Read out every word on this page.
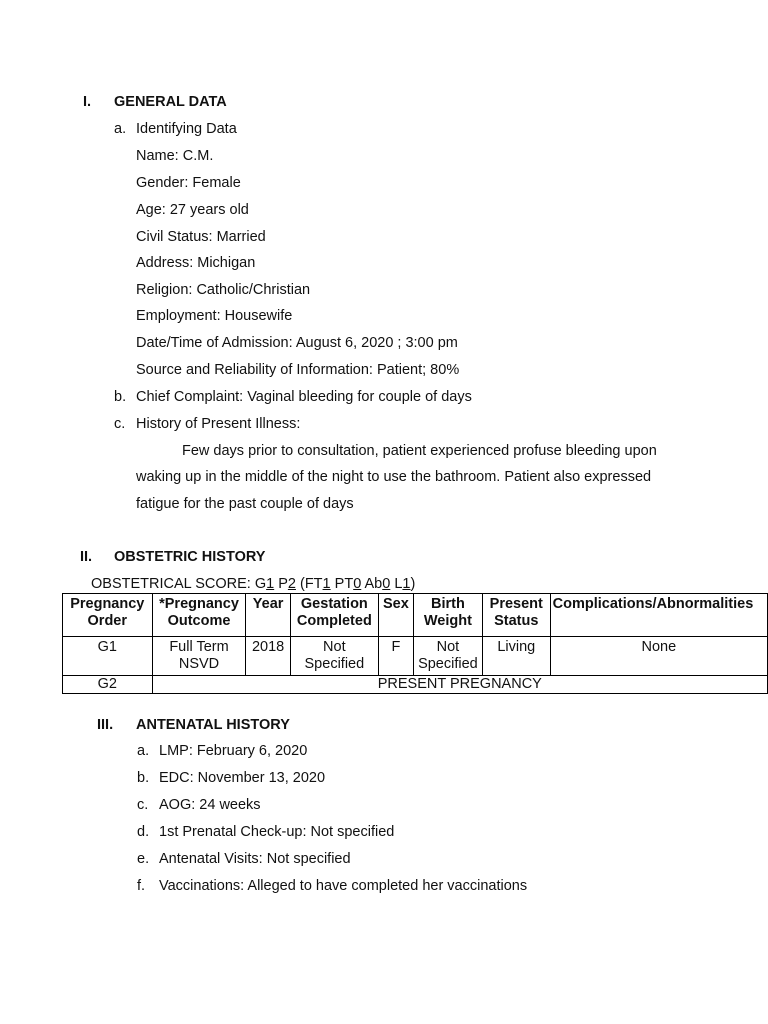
I. GENERAL DATA
a. Identifying Data
Name: C.M.
Gender: Female
Age: 27 years old
Civil Status: Married
Address: Michigan
Religion: Catholic/Christian
Employment: Housewife
Date/Time of Admission: August 6, 2020 ; 3:00 pm
Source and Reliability of Information: Patient; 80%
b. Chief Complaint: Vaginal bleeding for couple of days
c. History of Present Illness:
Few days prior to consultation, patient experienced profuse bleeding upon
waking up in the middle of the night to use the bathroom. Patient also expressed
fatigue for the past couple of days
II. OBSTETRIC HISTORY
OBSTETRICAL SCORE: G1 P2 (FT1 PT0 Ab0 L1)
Pregnancy Order	*Pregnancy Outcome	Year	Gestation Completed	Sex	Birth Weight	Present Status	Complications/Abnormalities
G1	Full Term NSVD	2018	Not Specified	F	Not Specified	Living	None
G2	PRESENT PREGNANCY						
III. ANTENATAL HISTORY
a. LMP: February 6, 2020
b. EDC: November 13, 2020
c. AOG: 24 weeks
d. 1st Prenatal Check-up: Not specified
e. Antenatal Visits: Not specified
f. Vaccinations: Alleged to have completed her vaccinations
